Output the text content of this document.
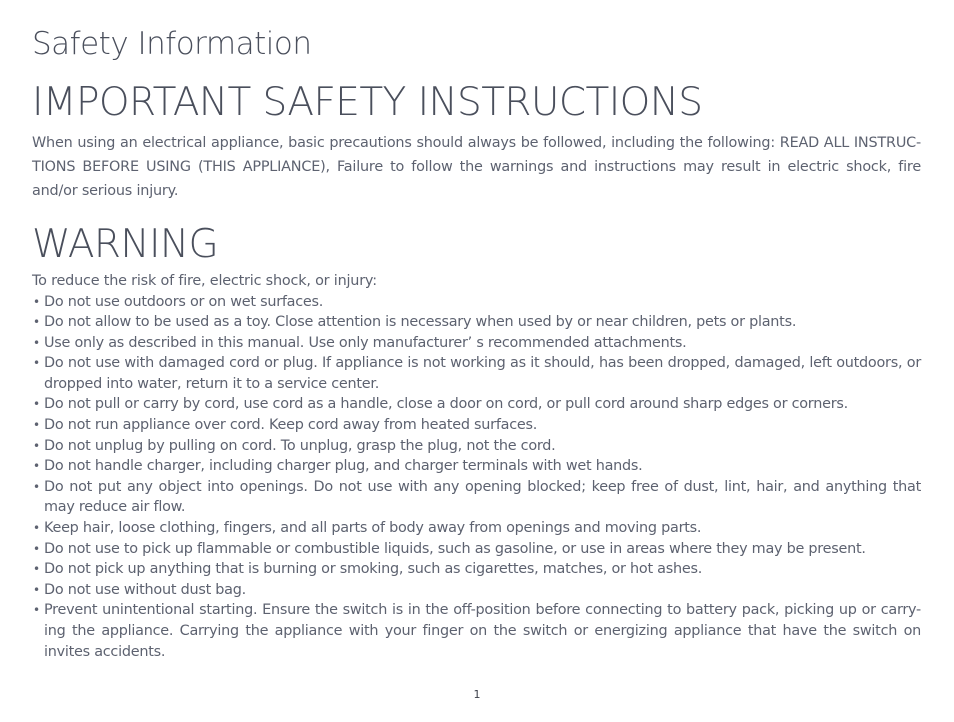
Safety Information
IMPORTANT SAFETY INSTRUCTIONS

When using an electrical appliance, basic precautions should always be followed, including the following: READ ALL INSTRUC-TIONS BEFORE USING (THIS APPLIANCE), Failure to follow the warnings and instructions may result in electric shock, fire and/or serious injury.

WARNING
To reduce the risk of fire, electric shock, or injury:
• Do not use outdoors or on wet surfaces.
• Do not allow to be used as a toy. Close attention is necessary when used by or near children, pets or plants.
• Use only as described in this manual. Use only manufacturer’ s recommended attachments.
• Do not use with damaged cord or plug. If appliance is not working as it should, has been dropped, damaged, left outdoors, or dropped into water, return it to a service center.
• Do not pull or carry by cord, use cord as a handle, close a door on cord, or pull cord around sharp edges or corners.
• Do not run appliance over cord. Keep cord away from heated surfaces.
• Do not unplug by pulling on cord. To unplug, grasp the plug, not the cord.
• Do not handle charger, including charger plug, and charger terminals with wet hands.
• Do not put any object into openings. Do not use with any opening blocked; keep free of dust, lint, hair, and anything that may reduce air flow.
• Keep hair, loose clothing, fingers, and all parts of body away from openings and moving parts.
• Do not use to pick up flammable or combustible liquids, such as gasoline, or use in areas where they may be present.
• Do not pick up anything that is burning or smoking, such as cigarettes, matches, or hot ashes.
• Do not use without dust bag.
• Prevent unintentional starting. Ensure the switch is in the off-position before connecting to battery pack, picking up or carry-ing the appliance. Carrying the appliance with your finger on the switch or energizing appliance that have the switch on invites accidents.
1
